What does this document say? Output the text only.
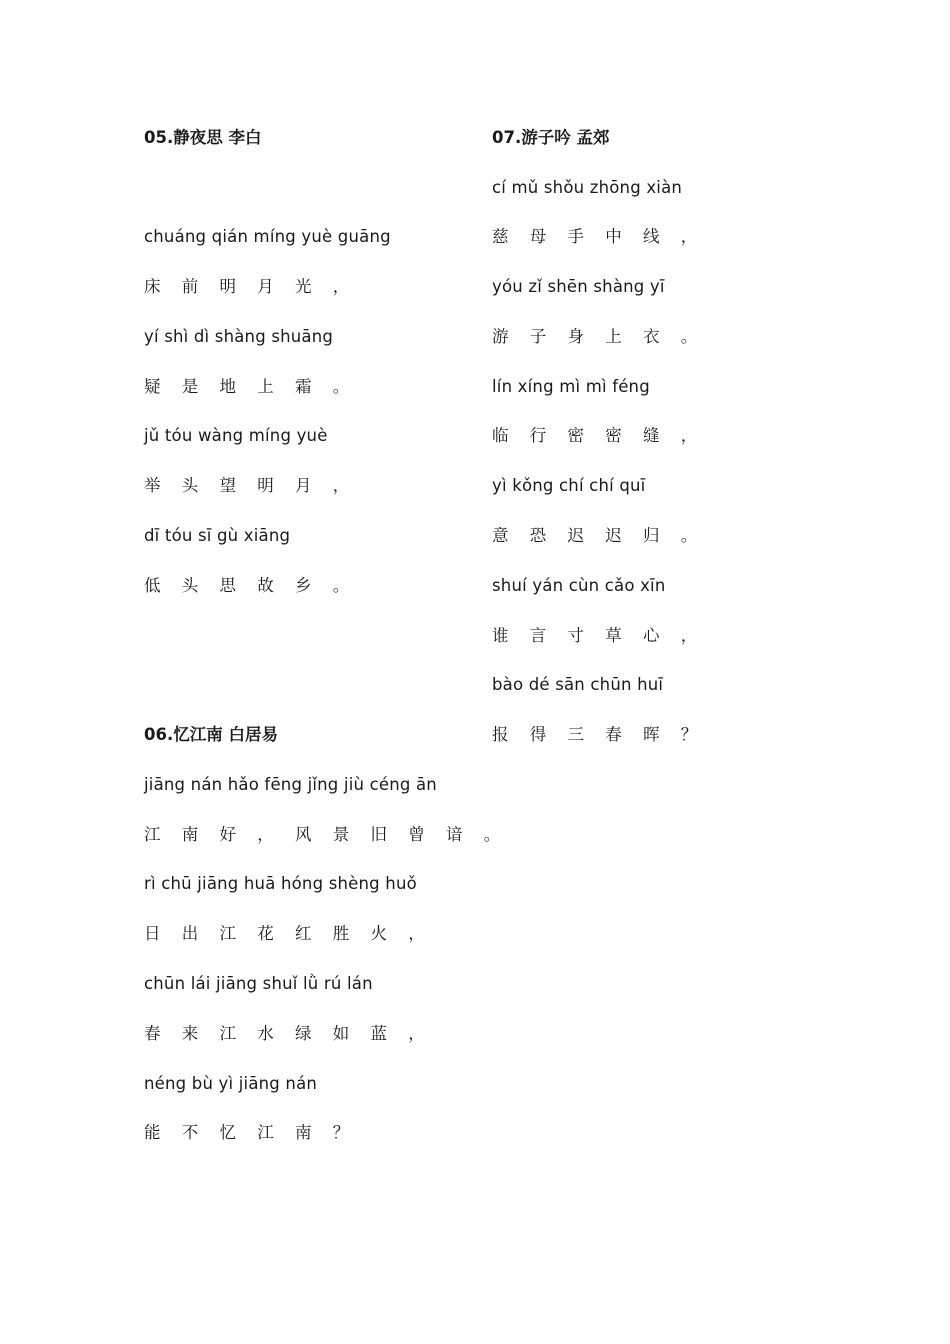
05.静夜思 李白
chuáng qián míng yuè guāng
床 前 明 月 光 ，
yí shì dì shàng shuāng
疑 是 地 上 霜 。
jǔ tóu wàng míng yuè
举 头 望 明 月 ，
dī tóu sī gù xiāng
低 头 思 故 乡 。
06.忆江南 白居易
jiāng nán hǎo fēng jǐng jiù céng ān
江 南 好 ， 风 景 旧 曾 谙 。
rì chū jiāng huā hóng shèng huǒ
日 出 江 花 红 胜 火 ，
chūn lái jiāng shuǐ lǜ rú lán
春 来 江 水 绿 如 蓝 ，
néng bù yì jiāng nán
能 不 忆 江 南 ？
07.游子吟 孟郊
cí mǔ shǒu zhōng xiàn
慈 母 手 中 线 ，
yóu zǐ shēn shàng yī
游 子 身 上 衣 。
lín xíng mì mì féng
临 行 密 密 缝 ，
yì kǒng chí chí quī
意 恐 迟 迟 归 。
shuí yán cùn cǎo xīn
谁 言 寸 草 心 ，
bào dé sān chūn huī
报 得 三 春 晖 ？
